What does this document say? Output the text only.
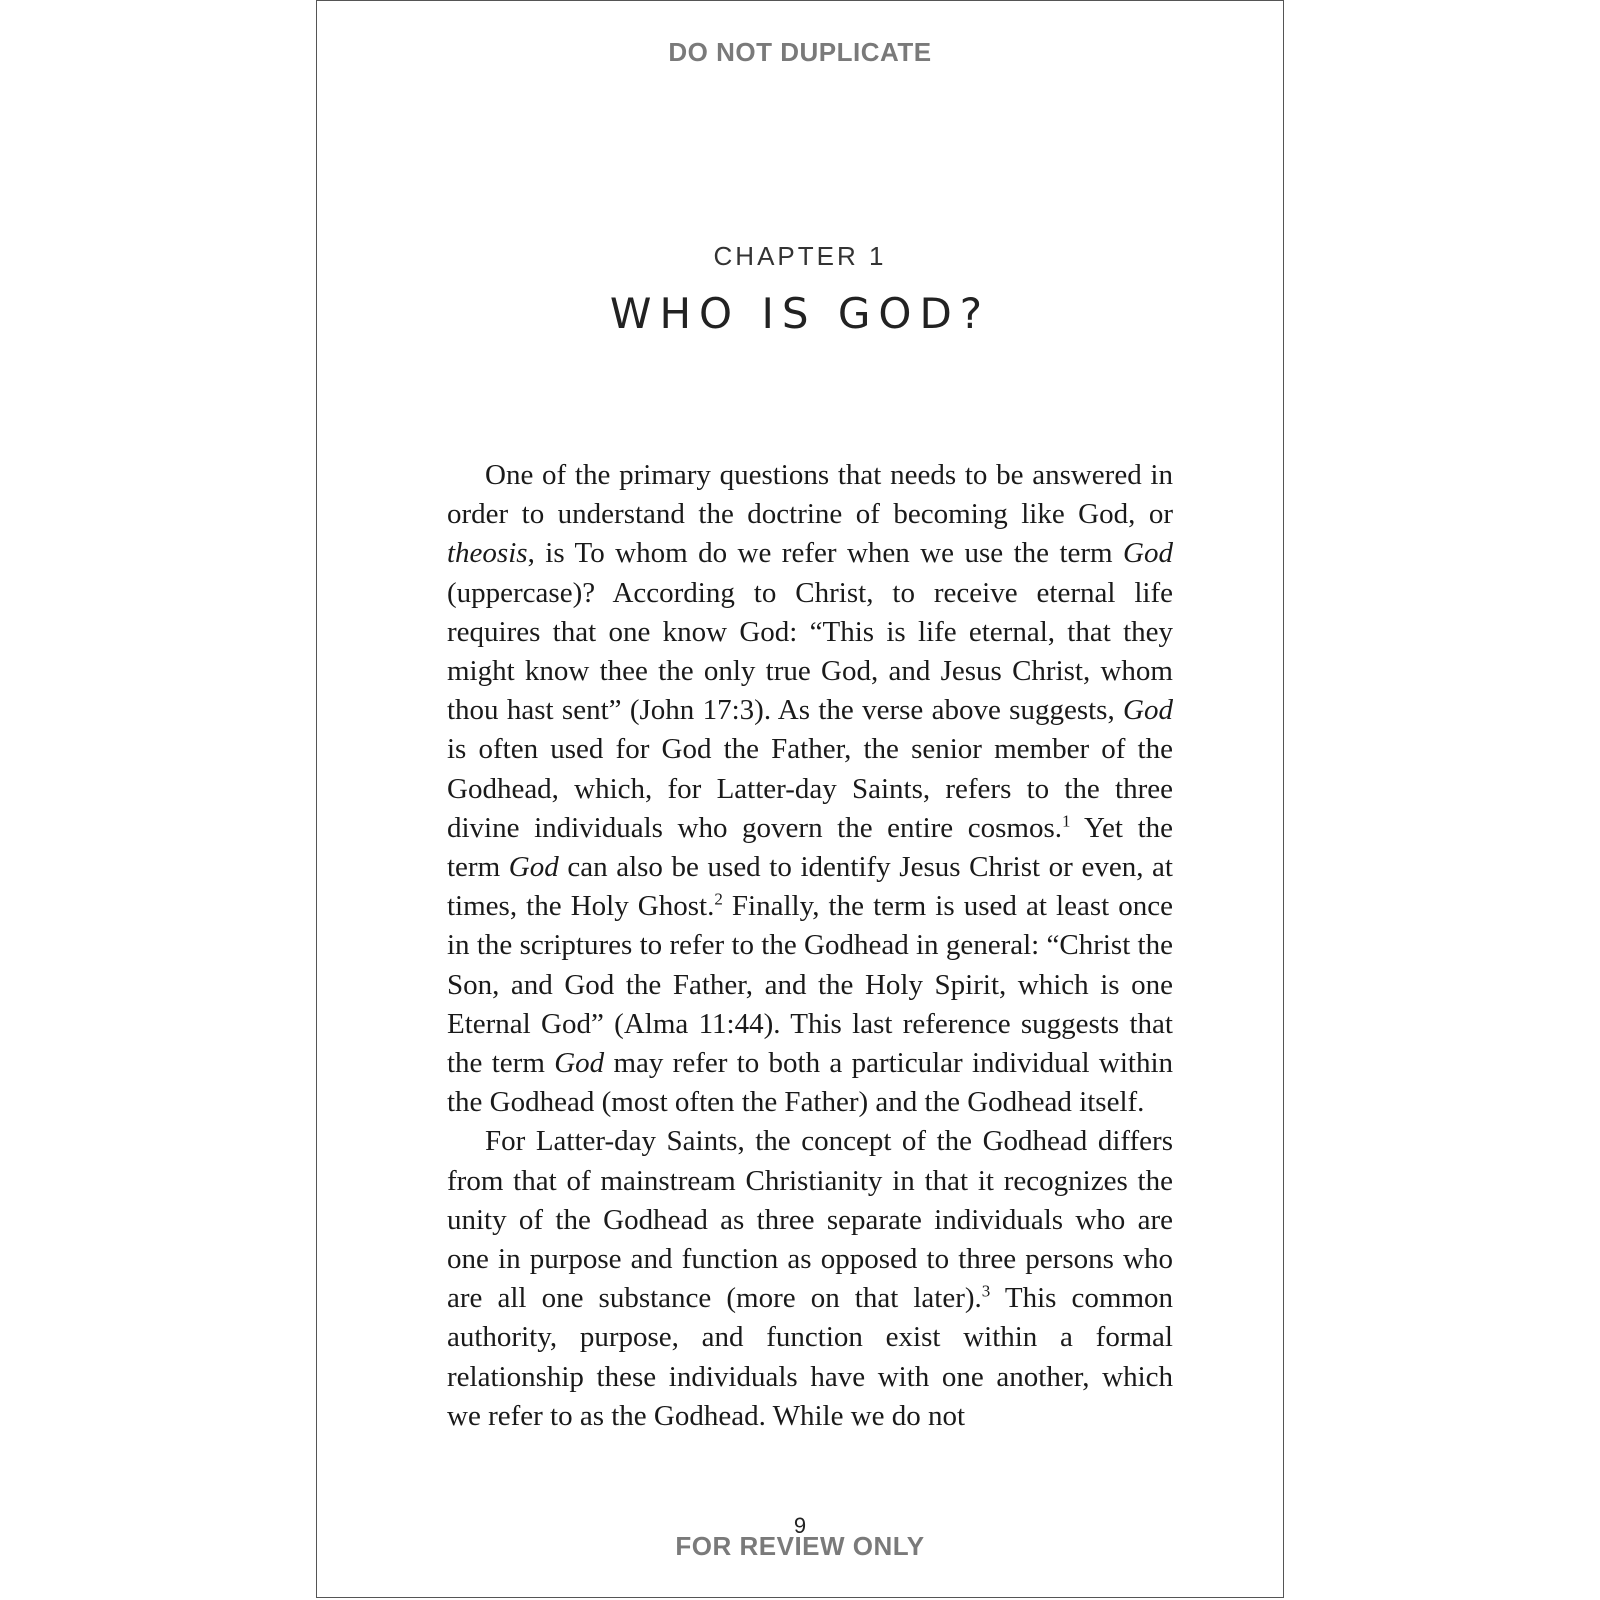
DO NOT DUPLICATE
CHAPTER 1
WHO IS GOD?

One of the primary questions that needs to be answered in order to understand the doctrine of becoming like God, or theosis, is To whom do we refer when we use the term God (uppercase)? According to Christ, to receive eternal life requires that one know God: “This is life eternal, that they might know thee the only true God, and Jesus Christ, whom thou hast sent” (John 17:3). As the verse above suggests, God is often used for God the Father, the senior member of the Godhead, which, for Latter-day Saints, refers to the three divine individuals who govern the entire cosmos.$^1$ Yet the term God can also be used to identify Jesus Christ or even, at times, the Holy Ghost.$^2$ Finally, the term is used at least once in the scriptures to refer to the Godhead in general: “Christ the Son, and God the Father, and the Holy Spirit, which is one Eternal God” (Alma 11:44). This last reference suggests that the term God may refer to both a particular individual within the Godhead (most often the Father) and the Godhead itself.

For Latter-day Saints, the concept of the Godhead differs from that of mainstream Christianity in that it recognizes the unity of the Godhead as three separate individuals who are one in purpose and function as opposed to three persons who are all one substance (more on that later).$^3$ This common authority, purpose, and function exist within a formal relationship these individuals have with one another, which we refer to as the Godhead. While we do not

9
FOR REVIEW ONLY
